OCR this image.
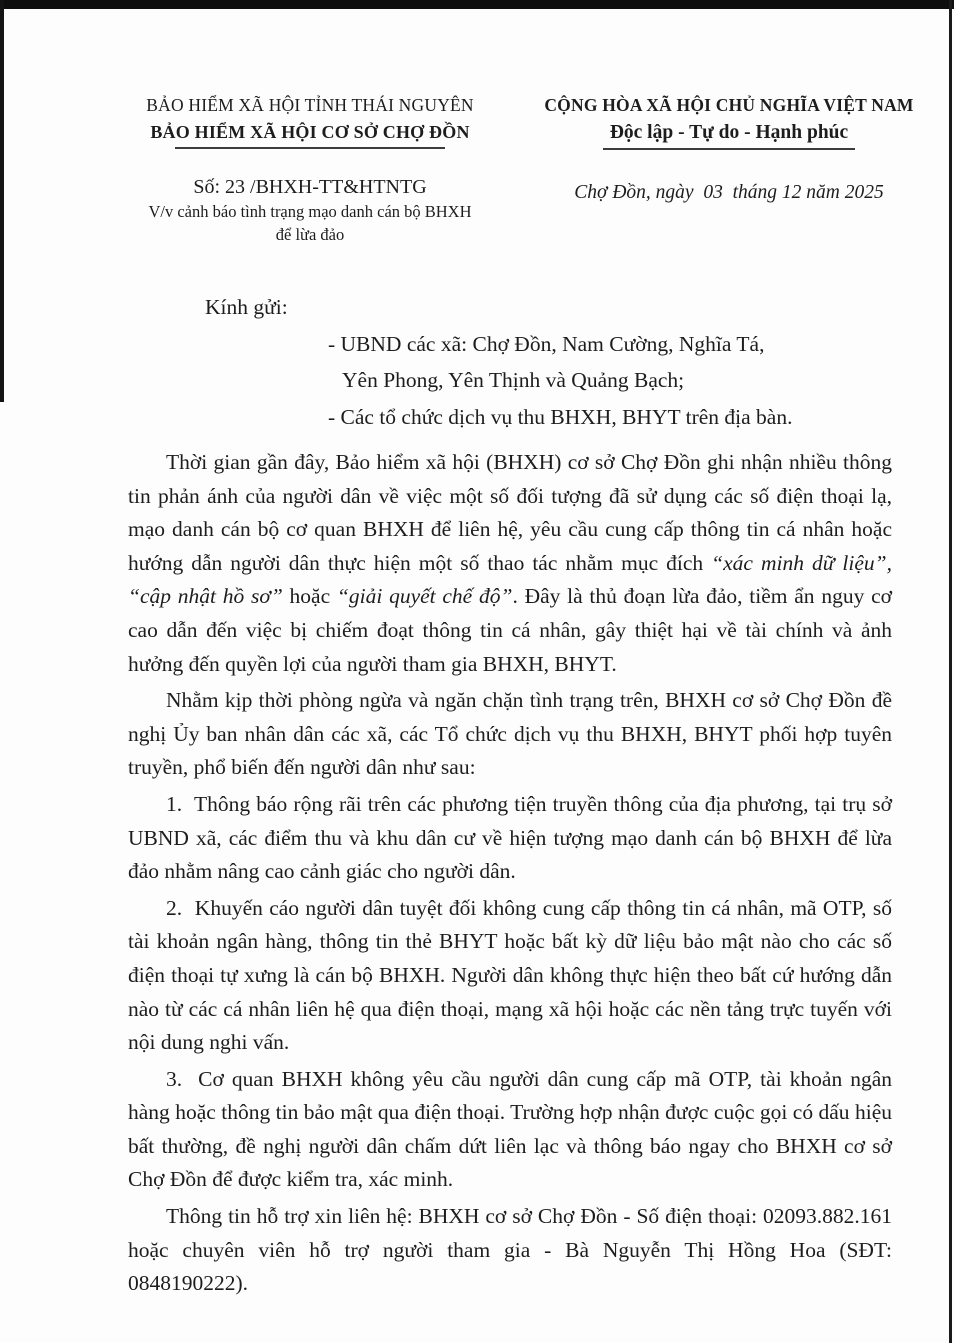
BẢO HIỂM XÃ HỘI TỈNH THÁI NGUYÊN
BẢO HIỂM XÃ HỘI CƠ SỞ CHỢ ĐỒN
Số: 23 /BHXH-TT&HTNTG
V/v cảnh báo tình trạng mạo danh cán bộ BHXH
để lừa đảo
CỘNG HÒA XÃ HỘI CHỦ NGHĨA VIỆT NAM
Độc lập - Tự do - Hạnh phúc
Chợ Đồn, ngày  03  tháng 12 năm 2025
Kính gửi:
- UBND các xã: Chợ Đồn, Nam Cường, Nghĩa Tá,
Yên Phong, Yên Thịnh và Quảng Bạch;
- Các tổ chức dịch vụ thu BHXH, BHYT trên địa bàn.

Thời gian gần đây, Bảo hiểm xã hội (BHXH) cơ sở Chợ Đồn ghi nhận nhiều thông tin phản ánh của người dân về việc một số đối tượng đã sử dụng các số điện thoại lạ, mạo danh cán bộ cơ quan BHXH để liên hệ, yêu cầu cung cấp thông tin cá nhân hoặc hướng dẫn người dân thực hiện một số thao tác nhằm mục đích “xác minh dữ liệu”, “cập nhật hồ sơ” hoặc “giải quyết chế độ”. Đây là thủ đoạn lừa đảo, tiềm ẩn nguy cơ cao dẫn đến việc bị chiếm đoạt thông tin cá nhân, gây thiệt hại về tài chính và ảnh hưởng đến quyền lợi của người tham gia BHXH, BHYT.

Nhằm kịp thời phòng ngừa và ngăn chặn tình trạng trên, BHXH cơ sở Chợ Đồn đề nghị Ủy ban nhân dân các xã, các Tổ chức dịch vụ thu BHXH, BHYT phối hợp tuyên truyền, phổ biến đến người dân như sau:

1.  Thông báo rộng rãi trên các phương tiện truyền thông của địa phương, tại trụ sở UBND xã, các điểm thu và khu dân cư về hiện tượng mạo danh cán bộ BHXH để lừa đảo nhằm nâng cao cảnh giác cho người dân.

2.  Khuyến cáo người dân tuyệt đối không cung cấp thông tin cá nhân, mã OTP, số tài khoản ngân hàng, thông tin thẻ BHYT hoặc bất kỳ dữ liệu bảo mật nào cho các số điện thoại tự xưng là cán bộ BHXH. Người dân không thực hiện theo bất cứ hướng dẫn nào từ các cá nhân liên hệ qua điện thoại, mạng xã hội hoặc các nền tảng trực tuyến với nội dung nghi vấn.

3.  Cơ quan BHXH không yêu cầu người dân cung cấp mã OTP, tài khoản ngân hàng hoặc thông tin bảo mật qua điện thoại. Trường hợp nhận được cuộc gọi có dấu hiệu bất thường, đề nghị người dân chấm dứt liên lạc và thông báo ngay cho BHXH cơ sở Chợ Đồn để được kiểm tra, xác minh.

Thông tin hỗ trợ xin liên hệ: BHXH cơ sở Chợ Đồn - Số điện thoại: 02093.882.161 hoặc chuyên viên hỗ trợ người tham gia - Bà Nguyễn Thị Hồng Hoa (SĐT: 0848190222).
